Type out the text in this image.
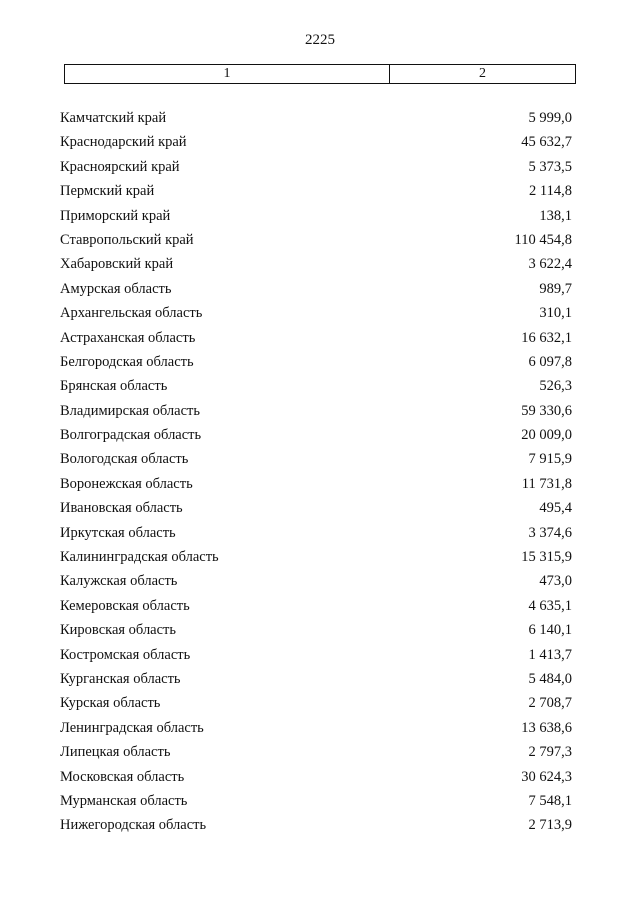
2225
1	2
Камчатский край	5 999,0
Краснодарский край	45 632,7
Красноярский край	5 373,5
Пермский край	2 114,8
Приморский край	138,1
Ставропольский край	110 454,8
Хабаровский край	3 622,4
Амурская область	989,7
Архангельская область	310,1
Астраханская область	16 632,1
Белгородская область	6 097,8
Брянская область	526,3
Владимирская область	59 330,6
Волгоградская область	20 009,0
Вологодская область	7 915,9
Воронежская область	11 731,8
Ивановская область	495,4
Иркутская область	3 374,6
Калининградская область	15 315,9
Калужская область	473,0
Кемеровская область	4 635,1
Кировская область	6 140,1
Костромская область	1 413,7
Курганская область	5 484,0
Курская область	2 708,7
Ленинградская область	13 638,6
Липецкая область	2 797,3
Московская область	30 624,3
Мурманская область	7 548,1
Нижегородская область	2 713,9
